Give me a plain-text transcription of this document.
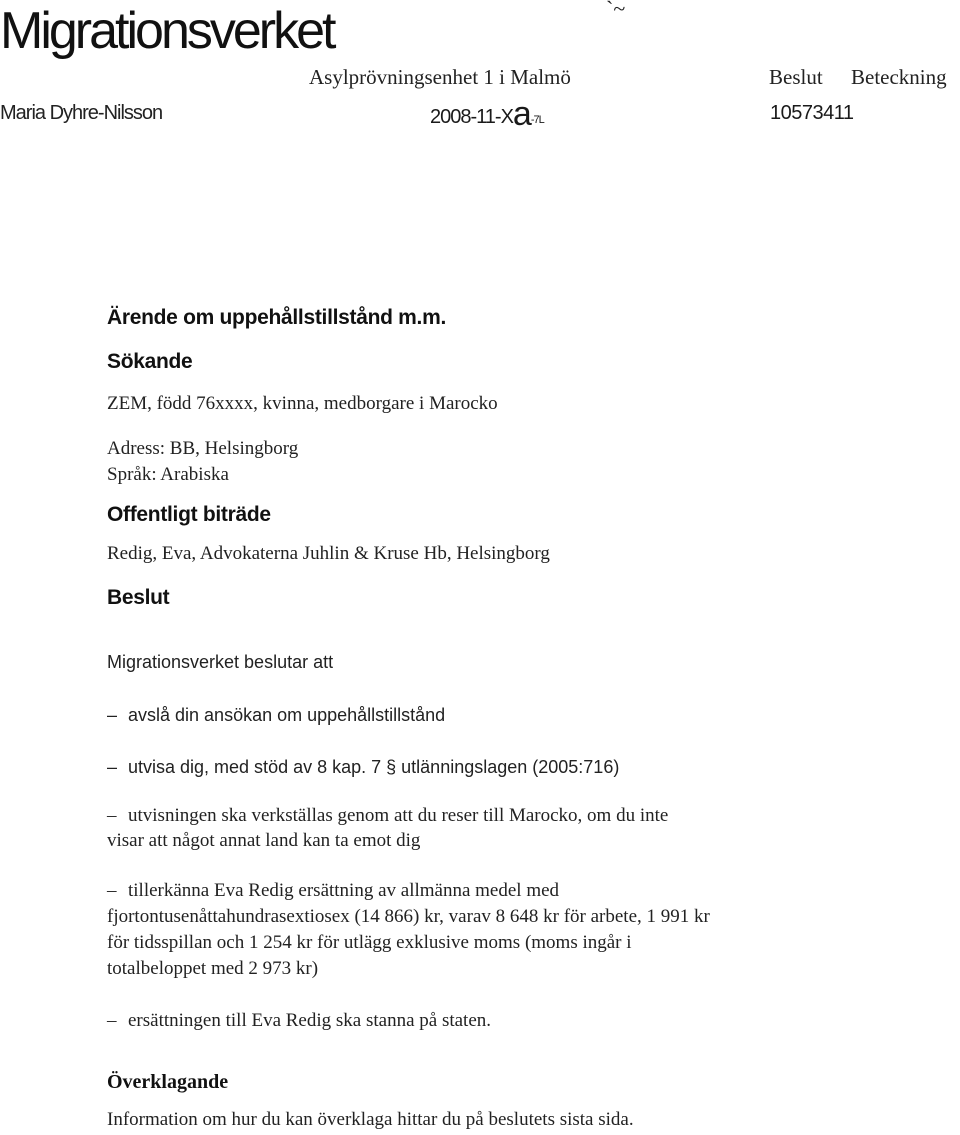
Migrationsverket	`~
Asylprövningsenhet 1 i Malmö	Beslut Beteckning
Maria Dyhre-Nilsson	2008-11-Xa-7L	10573411
Ärende om uppehållstillstånd m.m.
Sökande
ZEM, född 76xxxx, kvinna, medborgare i Marocko
Adress: BB, Helsingborg
Språk: Arabiska
Offentligt biträde
Redig, Eva, Advokaterna Juhlin & Kruse Hb, Helsingborg
Beslut
Migrationsverket beslutar att
– avslå din ansökan om uppehållstillstånd
– utvisa dig, med stöd av 8 kap. 7 § utlänningslagen (2005:716)
– utvisningen ska verkställas genom att du reser till Marocko, om du inte
visar att något annat land kan ta emot dig
– tillerkänna Eva Redig ersättning av allmänna medel med
fjortontusenåttahundrasextiosex (14 866) kr, varav 8 648 kr för arbete, 1 991 kr
för tidsspillan och 1 254 kr för utlägg exklusive moms (moms ingår i
totalbeloppet med 2 973 kr)
– ersättningen till Eva Redig ska stanna på staten.
Överklagande
Information om hur du kan överklaga hittar du på beslutets sista sida.
